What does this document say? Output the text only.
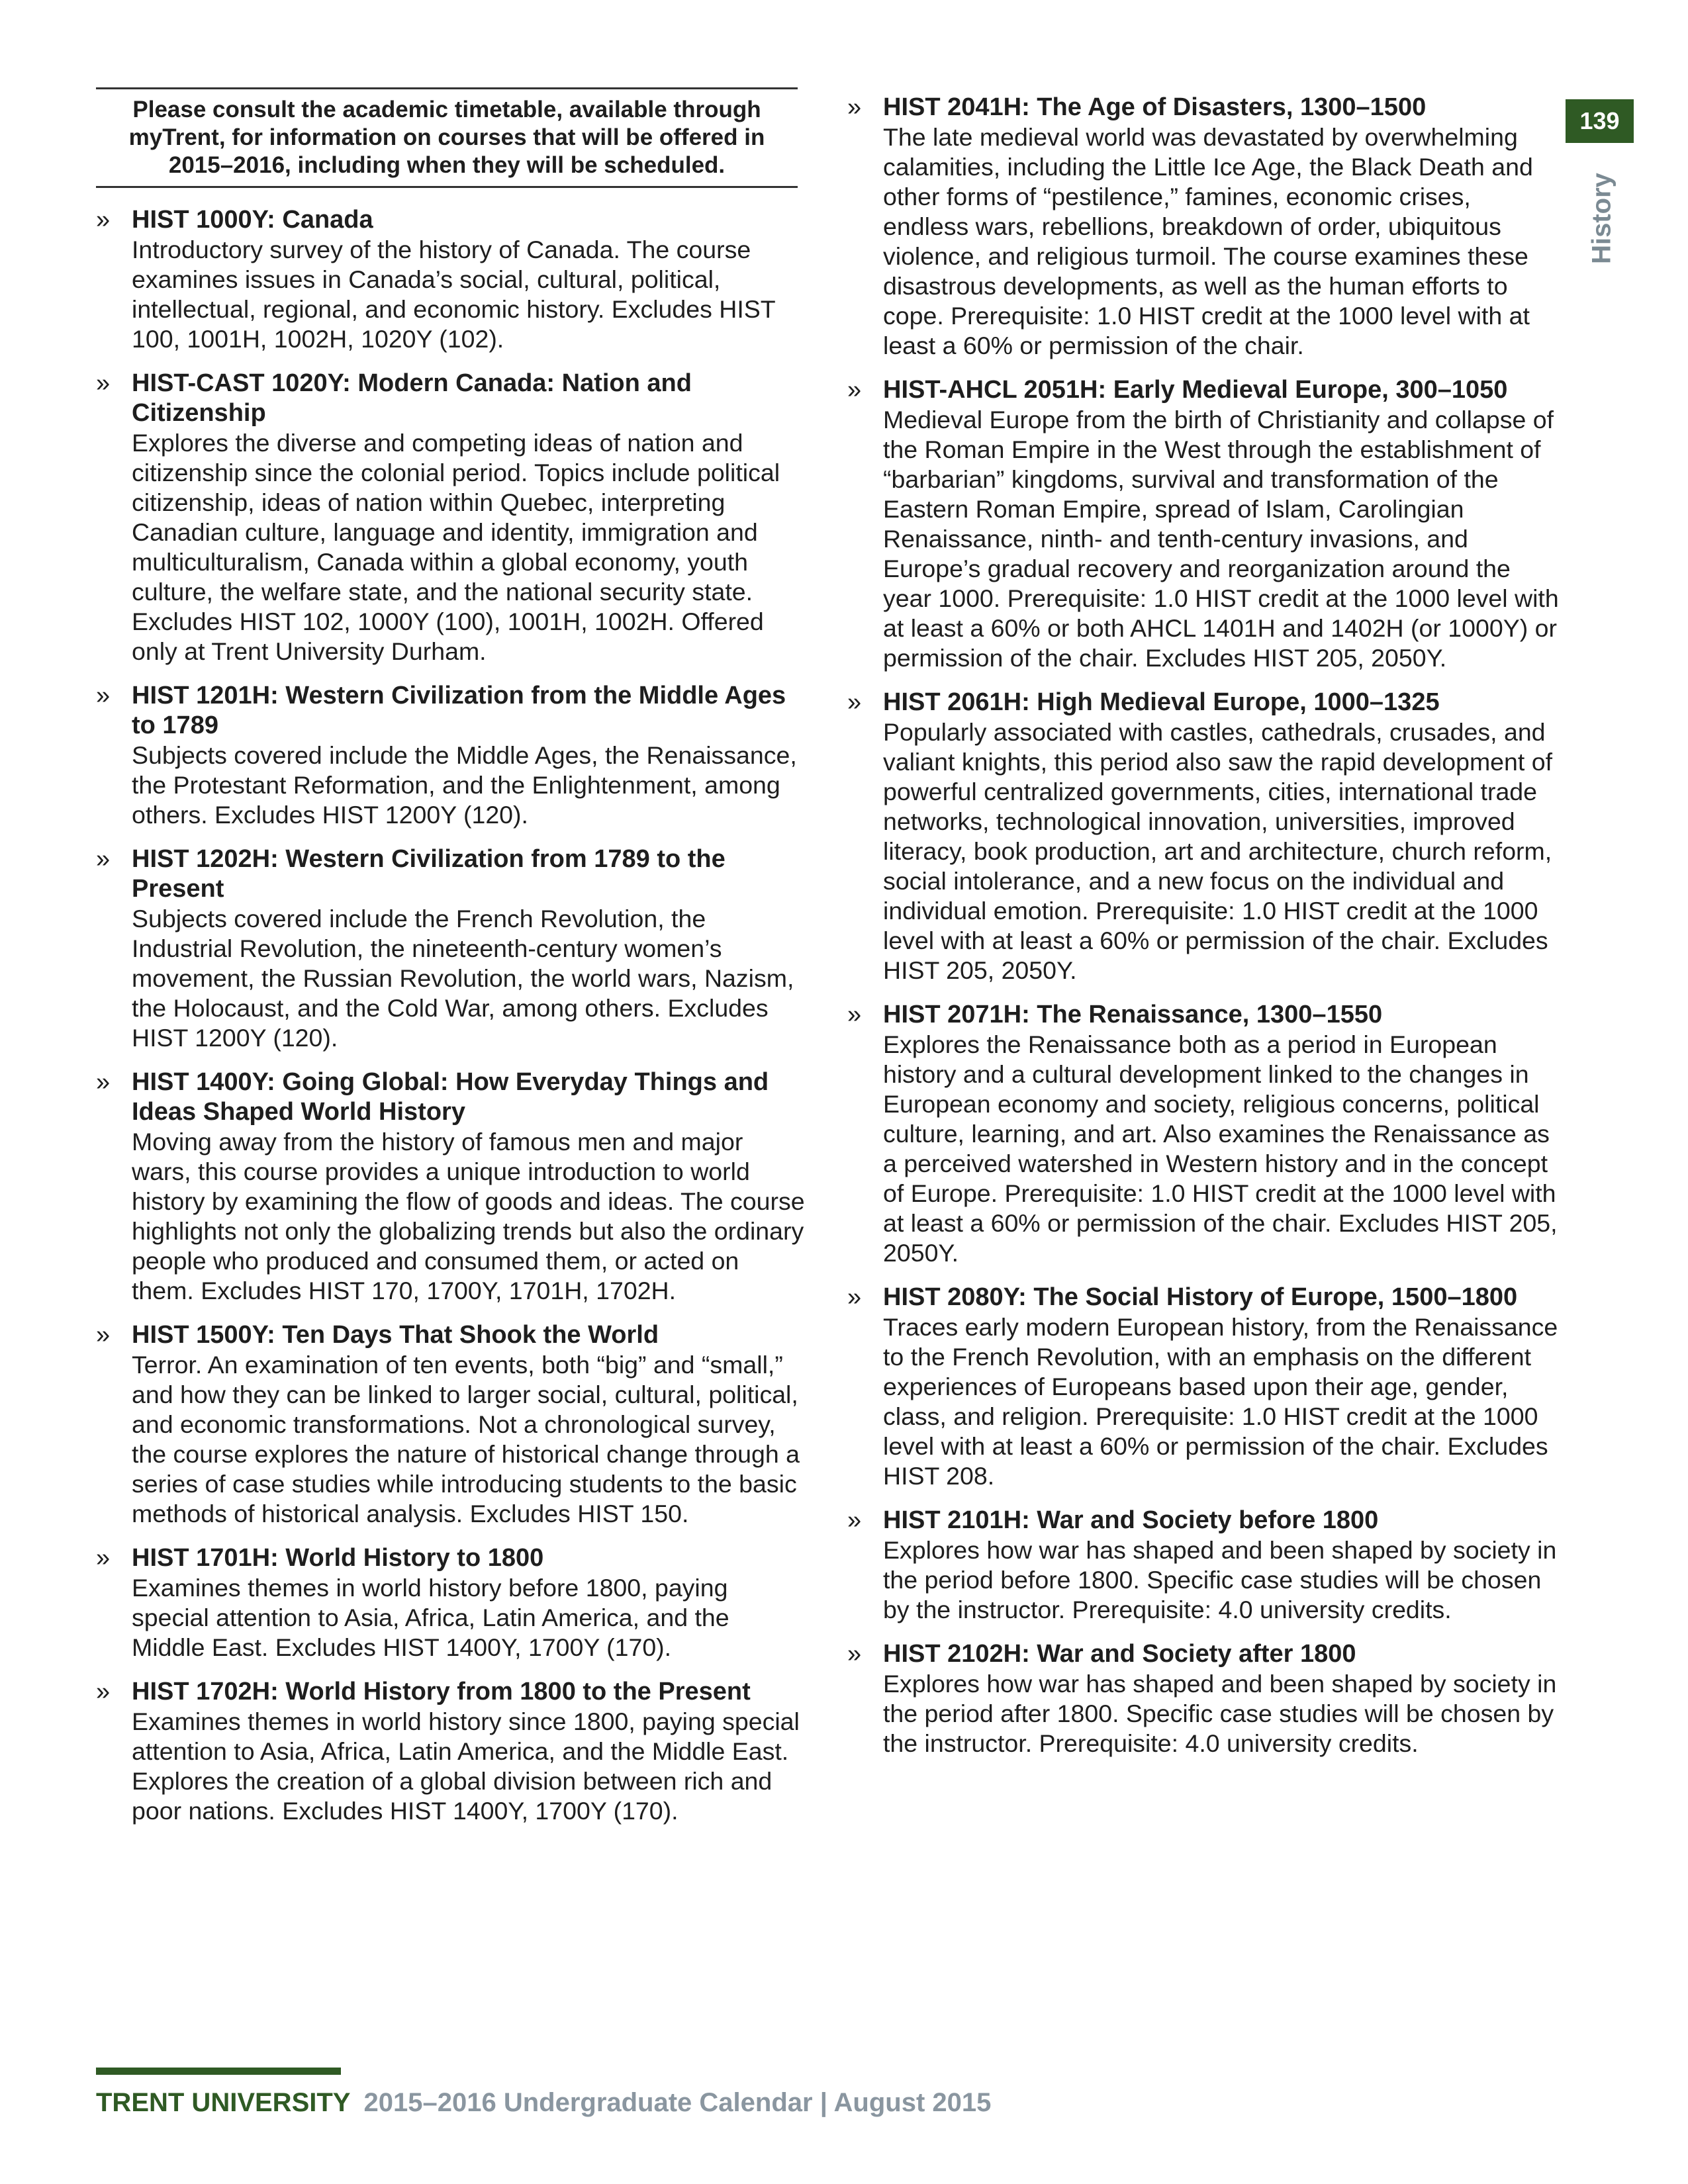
Please consult the academic timetable, available through myTrent, for information on courses that will be offered in 2015–2016, including when they will be scheduled.
» HIST 1000Y: Canada
Introductory survey of the history of Canada. The course examines issues in Canada’s social, cultural, political, intellectual, regional, and economic history. Excludes HIST 100, 1001H, 1002H, 1020Y (102).
» HIST-CAST 1020Y: Modern Canada: Nation and Citizenship
Explores the diverse and competing ideas of nation and citizenship since the colonial period. Topics include political citizenship, ideas of nation within Quebec, interpreting Canadian culture, language and identity, immigration and multiculturalism, Canada within a global economy, youth culture, the welfare state, and the national security state. Excludes HIST 102, 1000Y (100), 1001H, 1002H. Offered only at Trent University Durham.
» HIST 1201H: Western Civilization from the Middle Ages to 1789
Subjects covered include the Middle Ages, the Renaissance, the Protestant Reformation, and the Enlightenment, among others. Excludes HIST 1200Y (120).
» HIST 1202H: Western Civilization from 1789 to the Present
Subjects covered include the French Revolution, the Industrial Revolution, the nineteenth-century women’s movement, the Russian Revolution, the world wars, Nazism, the Holocaust, and the Cold War, among others. Excludes HIST 1200Y (120).
» HIST 1400Y: Going Global: How Everyday Things and Ideas Shaped World History
Moving away from the history of famous men and major wars, this course provides a unique introduction to world history by examining the flow of goods and ideas. The course highlights not only the globalizing trends but also the ordinary people who produced and consumed them, or acted on them. Excludes HIST 170, 1700Y, 1701H, 1702H.
» HIST 1500Y: Ten Days That Shook the World
Terror. An examination of ten events, both “big” and “small,” and how they can be linked to larger social, cultural, political, and economic transformations. Not a chronological survey, the course explores the nature of historical change through a series of case studies while introducing students to the basic methods of historical analysis. Excludes HIST 150.
» HIST 1701H: World History to 1800
Examines themes in world history before 1800, paying special attention to Asia, Africa, Latin America, and the Middle East. Excludes HIST 1400Y, 1700Y (170).
» HIST 1702H: World History from 1800 to the Present
Examines themes in world history since 1800, paying special attention to Asia, Africa, Latin America, and the Middle East. Explores the creation of a global division between rich and poor nations. Excludes HIST 1400Y, 1700Y (170).
» HIST 2041H: The Age of Disasters, 1300–1500
The late medieval world was devastated by overwhelming calamities, including the Little Ice Age, the Black Death and other forms of “pestilence,” famines, economic crises, endless wars, rebellions, breakdown of order, ubiquitous violence, and religious turmoil. The course examines these disastrous developments, as well as the human efforts to cope. Prerequisite: 1.0 HIST credit at the 1000 level with at least a 60% or permission of the chair.
» HIST-AHCL 2051H: Early Medieval Europe, 300–1050
Medieval Europe from the birth of Christianity and collapse of the Roman Empire in the West through the establishment of “barbarian” kingdoms, survival and transformation of the Eastern Roman Empire, spread of Islam, Carolingian Renaissance, ninth- and tenth-century invasions, and Europe’s gradual recovery and reorganization around the year 1000. Prerequisite: 1.0 HIST credit at the 1000 level with at least a 60% or both AHCL 1401H and 1402H (or 1000Y) or permission of the chair. Excludes HIST 205, 2050Y.
» HIST 2061H: High Medieval Europe, 1000–1325
Popularly associated with castles, cathedrals, crusades, and valiant knights, this period also saw the rapid development of powerful centralized governments, cities, international trade networks, technological innovation, universities, improved literacy, book production, art and architecture, church reform, social intolerance, and a new focus on the individual and individual emotion. Prerequisite: 1.0 HIST credit at the 1000 level with at least a 60% or permission of the chair. Excludes HIST 205, 2050Y.
» HIST 2071H: The Renaissance, 1300–1550
Explores the Renaissance both as a period in European history and a cultural development linked to the changes in European economy and society, religious concerns, political culture, learning, and art. Also examines the Renaissance as a perceived watershed in Western history and in the concept of Europe. Prerequisite: 1.0 HIST credit at the 1000 level with at least a 60% or permission of the chair. Excludes HIST 205, 2050Y.
» HIST 2080Y: The Social History of Europe, 1500–1800
Traces early modern European history, from the Renaissance to the French Revolution, with an emphasis on the different experiences of Europeans based upon their age, gender, class, and religion. Prerequisite: 1.0 HIST credit at the 1000 level with at least a 60% or permission of the chair. Excludes HIST 208.
» HIST 2101H: War and Society before 1800
Explores how war has shaped and been shaped by society in the period before 1800. Specific case studies will be chosen by the instructor. Prerequisite: 4.0 university credits.
» HIST 2102H: War and Society after 1800
Explores how war has shaped and been shaped by society in the period after 1800. Specific case studies will be chosen by the instructor. Prerequisite: 4.0 university credits.
139
History
TRENT UNIVERSITY 2015–2016 Undergraduate Calendar | August 2015
